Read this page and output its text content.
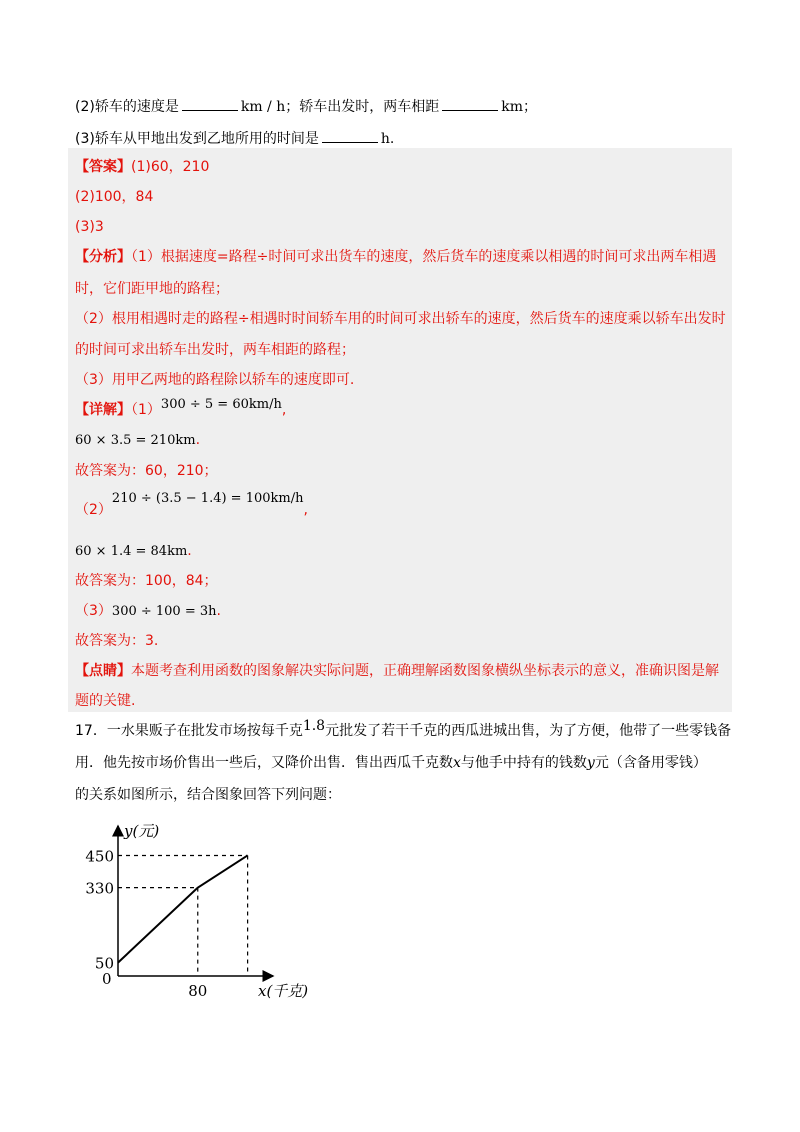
(2)轿车的速度是	km / h；轿车出发时，两车相距	km；
(3)轿车从甲地出发到乙地所用的时间是	h.
【答案】(1)60，210
(2)100，84
(3)3
【分析】（1）根据速度=路程÷时间可求出货车的速度，然后货车的速度乘以相遇的时间可求出两车相遇
时，它们距甲地的路程；
（2）根用相遇时走的路程÷相遇时时间轿车用的时间可求出轿车的速度，然后货车的速度乘以轿车出发时
的时间可求出轿车出发时，两车相距的路程；
（3）用甲乙两地的路程除以轿车的速度即可.
【详解】（1）300 ÷ 5 = 60km/h,
60 × 3.5 = 210km.
故答案为：60，210；
（2）210 ÷ (3.5 − 1.4) = 100km/h,
60 × 1.4 = 84km.
故答案为：100，84；
（3）300 ÷ 100 = 3h.
故答案为：3.
【点睛】本题考查利用函数的图象解决实际问题，正确理解函数图象横纵坐标表示的意义，准确识图是解
题的关键.
17．一水果贩子在批发市场按每千克1.8元批发了若干千克的西瓜进城出售，为了方便，他带了一些零钱备
用．他先按市场价售出一些后，又降价出售．售出西瓜千克数x与他手中持有的钱数y元（含备用零钱）
的关系如图所示，结合图象回答下列问题：
y(元)
x(千克)
0
450
330
50
80
